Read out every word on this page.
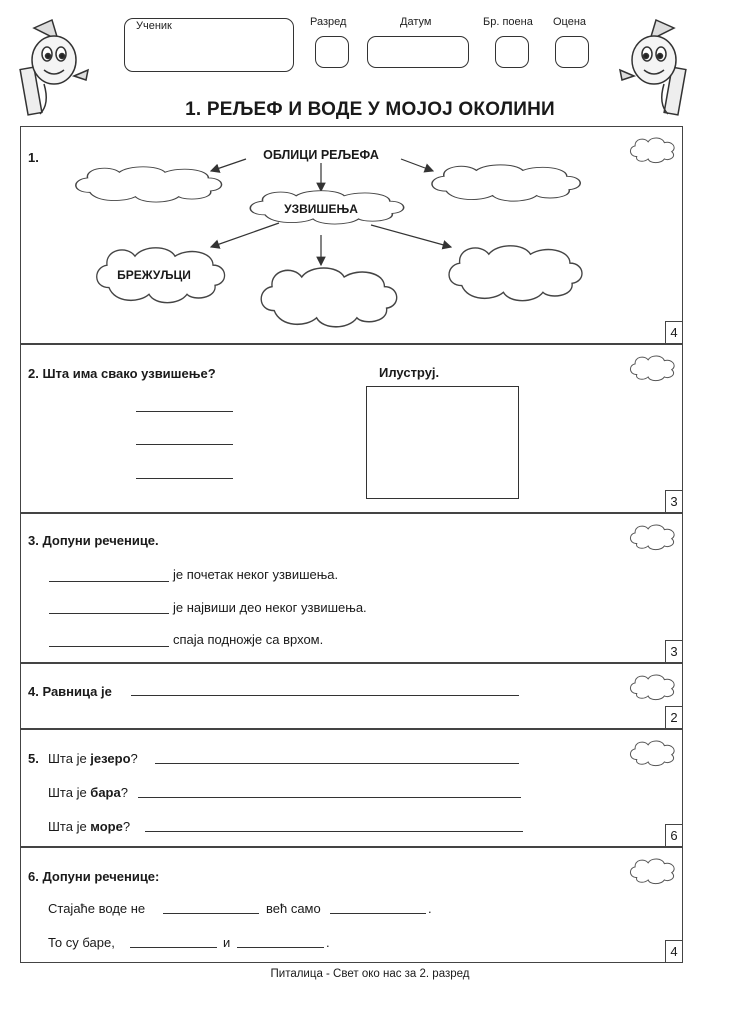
Ученик	Разред	Датум	Бр. поена Оцена
1. РЕЉЕФ И ВОДЕ У МОЈОЈ ОКОЛИНИ
1.	ОБЛИЦИ РЕЉЕФА
УЗВИШЕЊА
БРЕЖУЉЦИ
4
2. Шта има свако узвишење?	Илуструј.
3
3. Допуни реченице.
је почетак неког узвишења.
је највиши део неког узвишења.
спаја подножје са врхом.
3
4. Равница је
2
5. Шта је језеро?
Шта је бара?
Шта је море?
6
6. Допуни реченице:
Стајаће воде не	већ само	.
То су баре,	и	.
4
Питалица - Свет око нас за 2. разред
